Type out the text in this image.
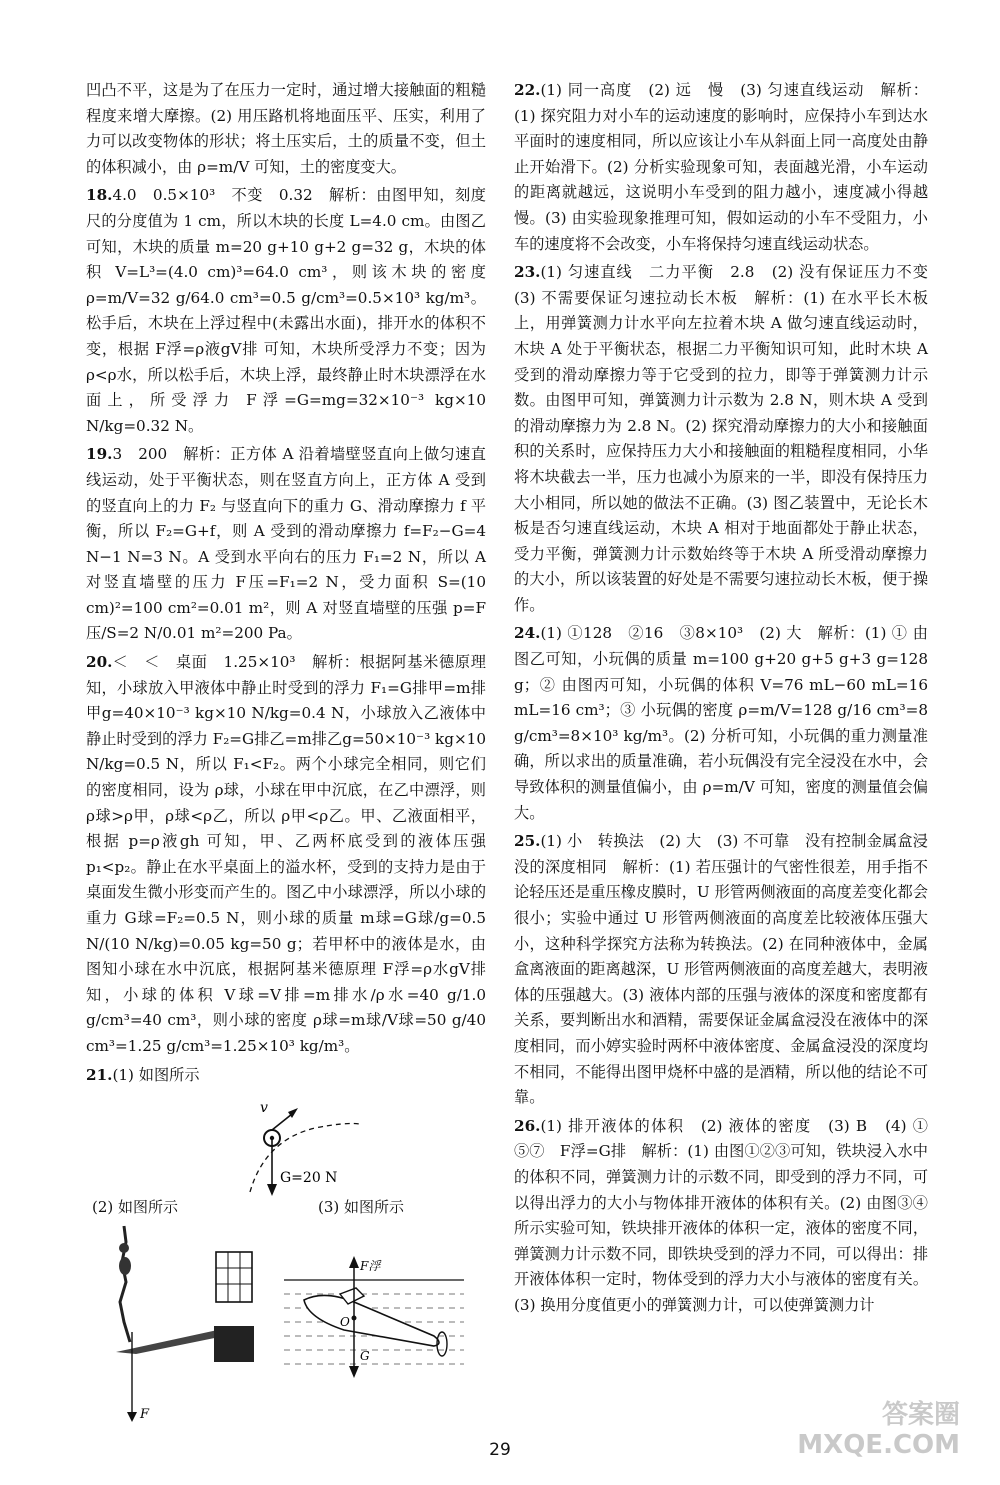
凹凸不平，这是为了在压力一定时，通过增大接触面的粗糙程度来增大摩擦。(2) 用压路机将地面压平、压实，利用了力可以改变物体的形状；将土压实后，土的质量不变，但土的体积减小，由 ρ=m/V 可知，土的密度变大。

18.4.0　0.5×10³　不变　0.32　解析：由图甲知，刻度尺的分度值为 1 cm，所以木块的长度 L=4.0 cm。由图乙可知，木块的质量 m=20 g+10 g+2 g=32 g，木块的体积 V=L³=(4.0 cm)³=64.0 cm³，则该木块的密度 ρ=m/V=32 g/64.0 cm³=0.5 g/cm³=0.5×10³ kg/m³。松手后，木块在上浮过程中(未露出水面)，排开水的体积不变，根据 F浮=ρ液gV排 可知，木块所受浮力不变；因为 ρ<ρ水，所以松手后，木块上浮，最终静止时木块漂浮在水面上，所受浮力 F浮=G=mg=32×10⁻³ kg×10 N/kg=0.32 N。

19.3　200　解析：正方体 A 沿着墙壁竖直向上做匀速直线运动，处于平衡状态，则在竖直方向上，正方体 A 受到的竖直向上的力 F₂ 与竖直向下的重力 G、滑动摩擦力 f 平衡，所以 F₂=G+f，则 A 受到的滑动摩擦力 f=F₂−G=4 N−1 N=3 N。A 受到水平向右的压力 F₁=2 N，所以 A 对竖直墙壁的压力 F压=F₁=2 N，受力面积 S=(10 cm)²=100 cm²=0.01 m²，则 A 对竖直墙壁的压强 p=F压/S=2 N/0.01 m²=200 Pa。

20.＜　＜　桌面　1.25×10³　解析：根据阿基米德原理知，小球放入甲液体中静止时受到的浮力 F₁=G排甲=m排甲g=40×10⁻³ kg×10 N/kg=0.4 N，小球放入乙液体中静止时受到的浮力 F₂=G排乙=m排乙g=50×10⁻³ kg×10 N/kg=0.5 N，所以 F₁<F₂。两个小球完全相同，则它们的密度相同，设为 ρ球，小球在甲中沉底，在乙中漂浮，则 ρ球>ρ甲，ρ球<ρ乙，所以 ρ甲<ρ乙。甲、乙液面相平，根据 p=ρ液gh 可知，甲、乙两杯底受到的液体压强 p₁<p₂。静止在水平桌面上的溢水杯，受到的支持力是由于桌面发生微小形变而产生的。图乙中小球漂浮，所以小球的重力 G球=F₂=0.5 N，则小球的质量 m球=G球/g=0.5 N/(10 N/kg)=0.05 kg=50 g；若甲杯中的液体是水，由图知小球在水中沉底，根据阿基米德原理 F浮=ρ水gV排 知，小球的体积 V球=V排=m排水/ρ水=40 g/1.0 g/cm³=40 cm³，则小球的密度 ρ球=m球/V球=50 g/40 cm³=1.25 g/cm³=1.25×10³ kg/m³。

21.(1) 如图所示

v
G=20 N
(2) 如图所示	(3) 如图所示
F
F浮
O
G

22.(1) 同一高度　(2) 远　慢　(3) 匀速直线运动　解析：(1) 探究阻力对小车的运动速度的影响时，应保持小车到达水平面时的速度相同，所以应该让小车从斜面上同一高度处由静止开始滑下。(2) 分析实验现象可知，表面越光滑，小车运动的距离就越远，这说明小车受到的阻力越小，速度减小得越慢。(3) 由实验现象推理可知，假如运动的小车不受阻力，小车的速度将不会改变，小车将保持匀速直线运动状态。

23.(1) 匀速直线　二力平衡　2.8　(2) 没有保证压力不变　(3) 不需要保证匀速拉动长木板　解析：(1) 在水平长木板上，用弹簧测力计水平向左拉着木块 A 做匀速直线运动时，木块 A 处于平衡状态，根据二力平衡知识可知，此时木块 A 受到的滑动摩擦力等于它受到的拉力，即等于弹簧测力计示数。由图甲可知，弹簧测力计示数为 2.8 N，则木块 A 受到的滑动摩擦力为 2.8 N。(2) 探究滑动摩擦力的大小和接触面积的关系时，应保持压力大小和接触面的粗糙程度相同，小华将木块截去一半，压力也减小为原来的一半，即没有保持压力大小相同，所以她的做法不正确。(3) 图乙装置中，无论长木板是否匀速直线运动，木块 A 相对于地面都处于静止状态，受力平衡，弹簧测力计示数始终等于木块 A 所受滑动摩擦力的大小，所以该装置的好处是不需要匀速拉动长木板，便于操作。

24.(1) ①128　②16　③8×10³　(2) 大　解析：(1) ① 由图乙可知，小玩偶的质量 m=100 g+20 g+5 g+3 g=128 g；② 由图丙可知，小玩偶的体积 V=76 mL−60 mL=16 mL=16 cm³；③ 小玩偶的密度 ρ=m/V=128 g/16 cm³=8 g/cm³=8×10³ kg/m³。(2) 分析可知，小玩偶的重力测量准确，所以求出的质量准确，若小玩偶没有完全浸没在水中，会导致体积的测量值偏小，由 ρ=m/V 可知，密度的测量值会偏大。

25.(1) 小　转换法　(2) 大　(3) 不可靠　没有控制金属盒浸没的深度相同　解析：(1) 若压强计的气密性很差，用手指不论轻压还是重压橡皮膜时，U 形管两侧液面的高度差变化都会很小；实验中通过 U 形管两侧液面的高度差比较液体压强大小，这种科学探究方法称为转换法。(2) 在同种液体中，金属盒离液面的距离越深，U 形管两侧液面的高度差越大，表明液体的压强越大。(3) 液体内部的压强与液体的深度和密度都有关系，要判断出水和酒精，需要保证金属盒浸没在液体中的深度相同，而小婷实验时两杯中液体密度、金属盒浸没的深度均不相同，不能得出图甲烧杯中盛的是酒精，所以他的结论不可靠。

26.(1) 排开液体的体积　(2) 液体的密度　(3) B　(4) ①　⑤⑦　F浮=G排　解析：(1) 由图①②③可知，铁块浸入水中的体积不同，弹簧测力计的示数不同，即受到的浮力不同，可以得出浮力的大小与物体排开液体的体积有关。(2) 由图③④所示实验可知，铁块排开液体的体积一定，液体的密度不同，弹簧测力计示数不同，即铁块受到的浮力不同，可以得出：排开液体体积一定时，物体受到的浮力大小与液体的密度有关。(3) 换用分度值更小的弹簧测力计，可以使弹簧测力计

29
答案圈
MXQE.COM
